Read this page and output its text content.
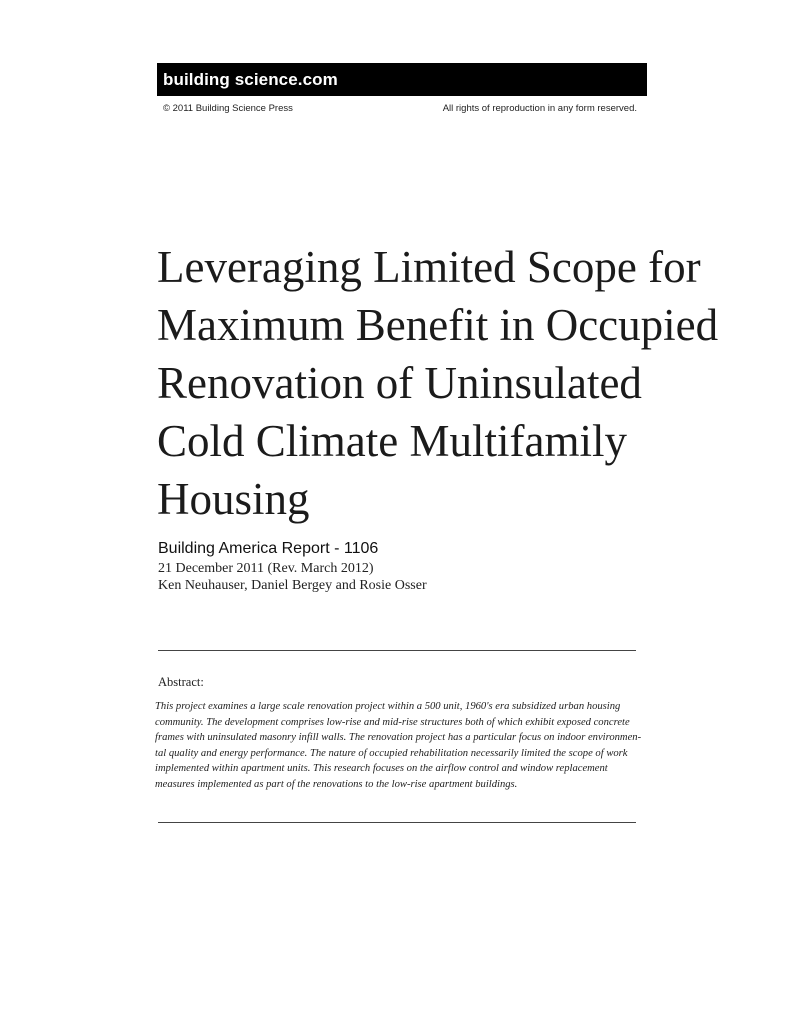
building science.com
© 2011 Building Science Press	All rights of reproduction in any form reserved.
Leveraging Limited Scope for
Maximum Benefit in Occupied
Renovation of Uninsulated
Cold Climate Multifamily
Housing
Building America Report - 1106
21 December 2011 (Rev. March 2012)
Ken Neuhauser, Daniel Bergey and Rosie Osser
Abstract:
This project examines a large scale renovation project within a 500 unit, 1960's era subsidized urban housing
community. The development comprises low-rise and mid-rise structures both of which exhibit exposed concrete
frames with uninsulated masonry infill walls. The renovation project has a particular focus on indoor environmen-
tal quality and energy performance. The nature of occupied rehabilitation necessarily limited the scope of work
implemented within apartment units. This research focuses on the airflow control and window replacement
measures implemented as part of the renovations to the low-rise apartment buildings.
